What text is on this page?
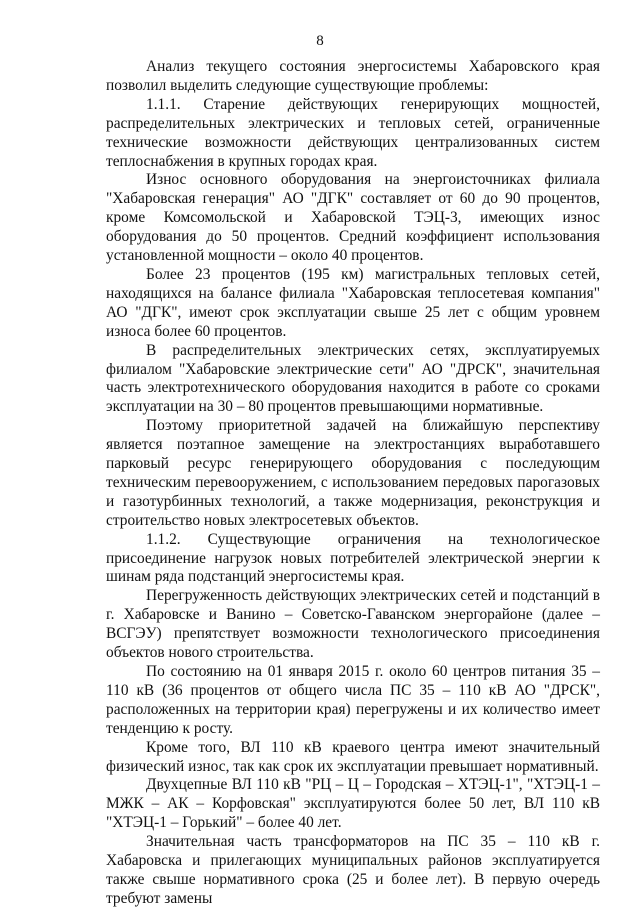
8

Анализ текущего состояния энергосистемы Хабаровского края позволил выделить следующие существующие проблемы:

1.1.1. Старение действующих генерирующих мощностей, распределительных электрических и тепловых сетей, ограниченные технические возможности действующих централизованных систем теплоснабжения в крупных городах края.

Износ основного оборудования на энергоисточниках филиала "Хабаровская генерация" АО "ДГК" составляет от 60 до 90 процентов, кроме Комсомольской и Хабаровской ТЭЦ-3, имеющих износ оборудования до 50 процентов. Средний коэффициент использования установленной мощности – около 40 процентов.

Более 23 процентов (195 км) магистральных тепловых сетей, находящихся на балансе филиала "Хабаровская теплосетевая компания" АО "ДГК", имеют срок эксплуатации свыше 25 лет с общим уровнем износа более 60 процентов.

В распределительных электрических сетях, эксплуатируемых филиалом "Хабаровские электрические сети" АО "ДРСК", значительная часть электротехнического оборудования находится в работе со сроками эксплуатации на 30 – 80 процентов превышающими нормативные.

Поэтому приоритетной задачей на ближайшую перспективу является поэтапное замещение на электростанциях выработавшего парковый ресурс генерирующего оборудования с последующим техническим перевооружением, с использованием передовых парогазовых и газотурбинных технологий, а также модернизация, реконструкция и строительство новых электросетевых объектов.

1.1.2. Существующие ограничения на технологическое присоединение нагрузок новых потребителей электрической энергии к шинам ряда подстанций энергосистемы края.

Перегруженность действующих электрических сетей и подстанций в г. Хабаровске и Ванино – Советско-Гаванском энергорайоне (далее – ВСГЭУ) препятствует возможности технологического присоединения объектов нового строительства.

По состоянию на 01 января 2015 г. около 60 центров питания 35 – 110 кВ (36 процентов от общего числа ПС 35 – 110 кВ АО "ДРСК", расположенных на территории края) перегружены и их количество имеет тенденцию к росту.

Кроме того, ВЛ 110 кВ краевого центра имеют значительный физический износ, так как срок их эксплуатации превышает нормативный.

Двухцепные ВЛ 110 кВ "РЦ – Ц – Городская – ХТЭЦ-1", "ХТЭЦ-1 – МЖК – АК – Корфовская" эксплуатируются более 50 лет, ВЛ 110 кВ "ХТЭЦ-1 – Горький" – более 40 лет.

Значительная часть трансформаторов на ПС 35 – 110 кВ г. Хабаровска и прилегающих муниципальных районов эксплуатируется также свыше нормативного срока (25 и более лет). В первую очередь требуют замены
